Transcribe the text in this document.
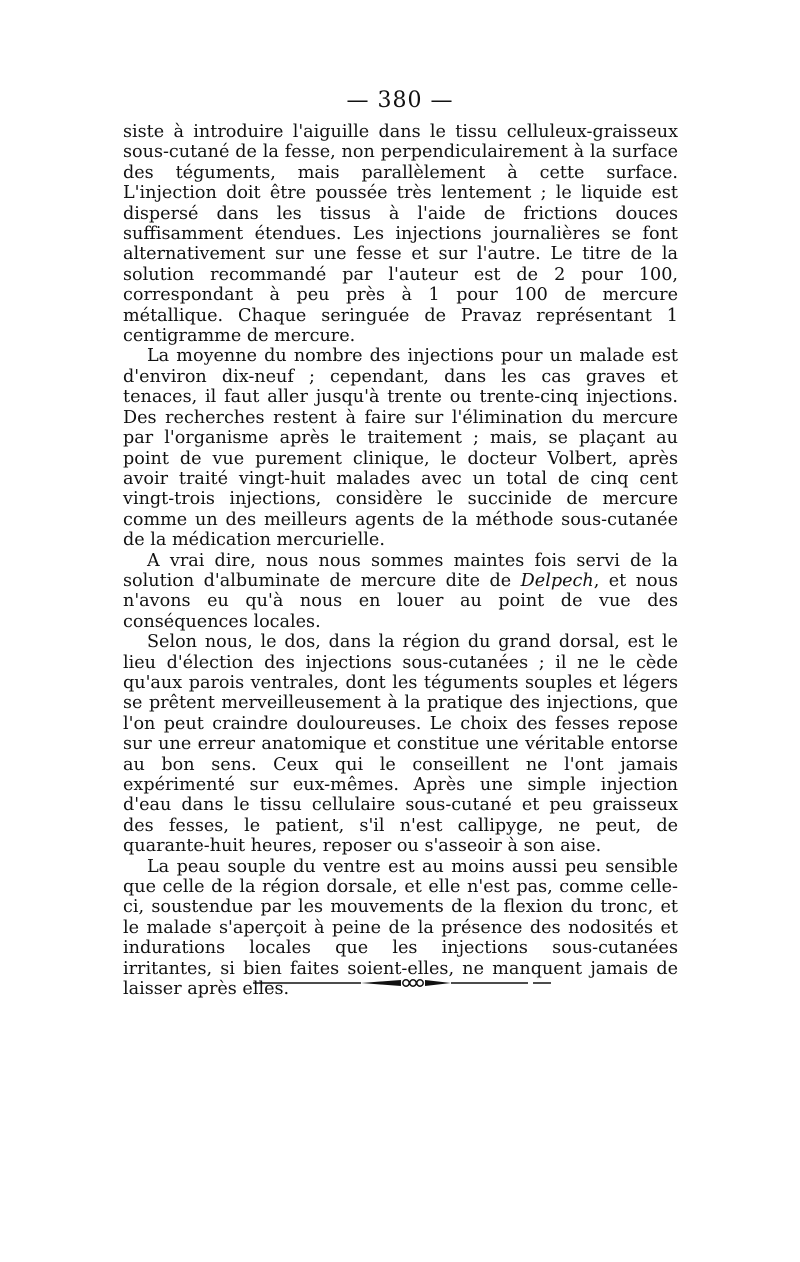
— 380 —

siste à introduire l'aiguille dans le tissu celluleux-graisseux sous-cutané de la fesse, non perpendiculairement à la surface des téguments, mais parallèlement à cette surface. L'injection doit être poussée très lentement ; le liquide est dispersé dans les tissus à l'aide de frictions douces suffisamment étendues. Les injections journalières se font alternativement sur une fesse et sur l'autre. Le titre de la solution recommandé par l'auteur est de 2 pour 100, correspondant à peu près à 1 pour 100 de mercure métallique. Chaque seringuée de Pravaz représentant 1 centigramme de mercure.

La moyenne du nombre des injections pour un malade est d'environ dix-neuf ; cependant, dans les cas graves et tenaces, il faut aller jusqu'à trente ou trente-cinq injections. Des recherches restent à faire sur l'élimination du mercure par l'organisme après le traitement ; mais, se plaçant au point de vue purement clinique, le docteur Volbert, après avoir traité vingt-huit malades avec un total de cinq cent vingt-trois injections, considère le succinide de mercure comme un des meilleurs agents de la méthode sous-cutanée de la médication mercurielle.

A vrai dire, nous nous sommes maintes fois servi de la solution d'albuminate de mercure dite de Delpech, et nous n'avons eu qu'à nous en louer au point de vue des conséquences locales.

Selon nous, le dos, dans la région du grand dorsal, est le lieu d'élection des injections sous-cutanées ; il ne le cède qu'aux parois ventrales, dont les téguments souples et légers se prêtent merveilleusement à la pratique des injections, que l'on peut craindre douloureuses. Le choix des fesses repose sur une erreur anatomique et constitue une véritable entorse au bon sens. Ceux qui le conseillent ne l'ont jamais expérimenté sur eux-mêmes. Après une simple injection d'eau dans le tissu cellulaire sous-cutané et peu graisseux des fesses, le patient, s'il n'est callipyge, ne peut, de quarante-huit heures, reposer ou s'asseoir à son aise.

La peau souple du ventre est au moins aussi peu sensible que celle de la région dorsale, et elle n'est pas, comme celle-ci, soustendue par les mouvements de la flexion du tronc, et le malade s'aperçoit à peine de la présence des nodosités et indurations locales que les injections sous-cutanées irritantes, si bien faites soient-elles, ne manquent jamais de laisser après elles.
